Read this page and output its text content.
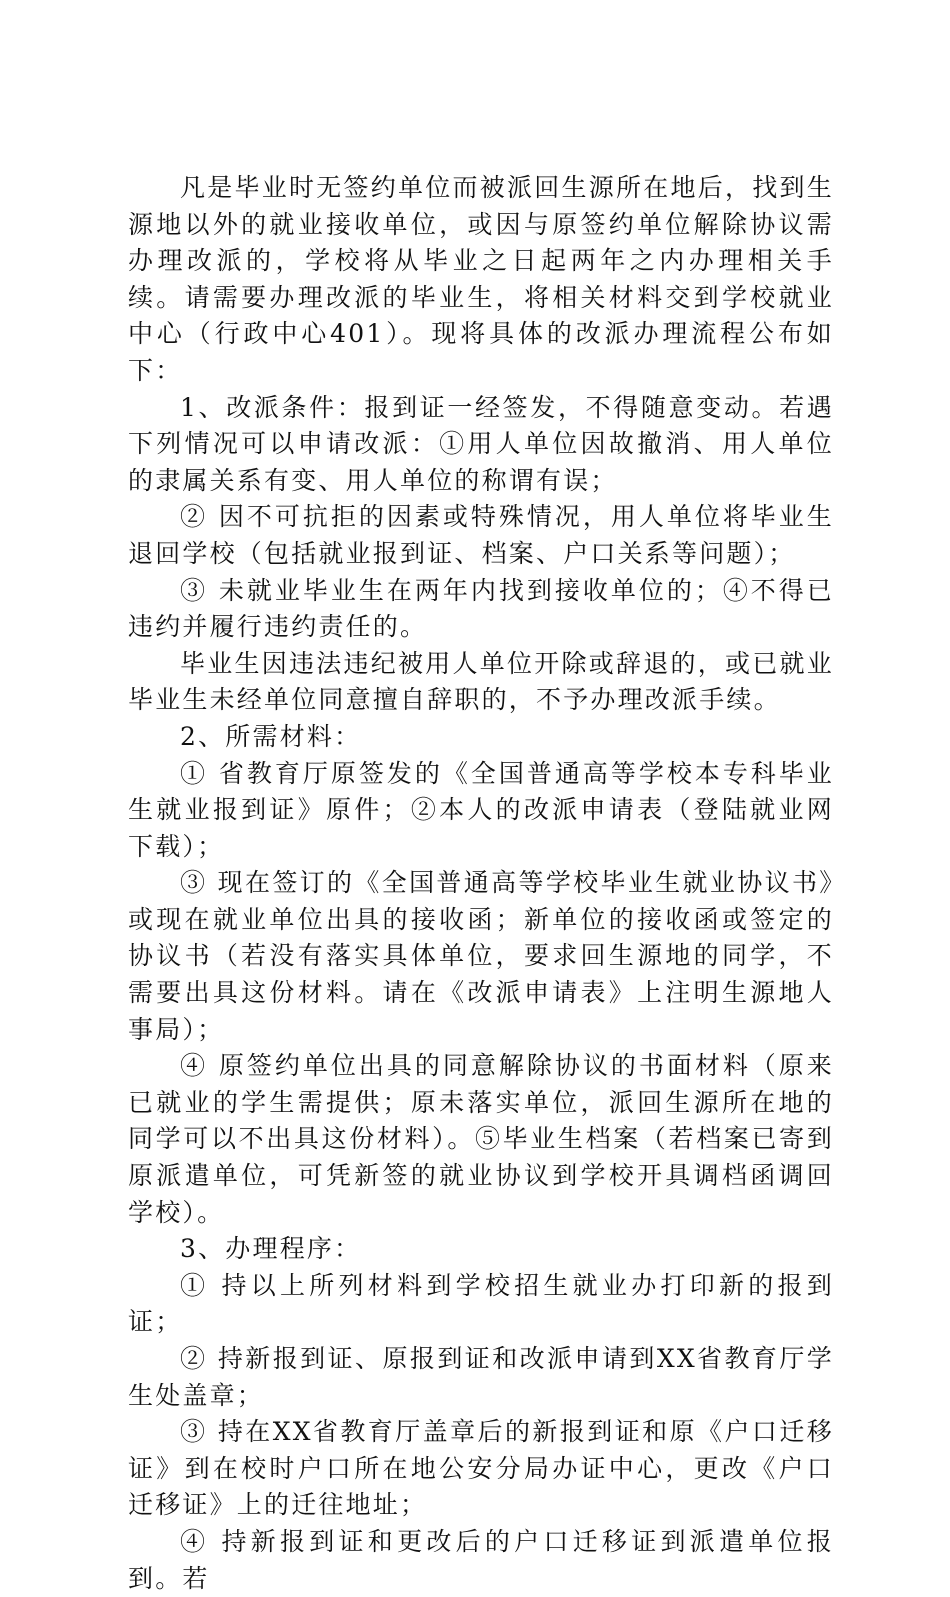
凡是毕业时无签约单位而被派回生源所在地后，找到生源地以外的就业接收单位，或因与原签约单位解除协议需办理改派的，学校将从毕业之日起两年之内办理相关手续。请需要办理改派的毕业生，将相关材料交到学校就业中心（行政中心401）。现将具体的改派办理流程公布如下：

1、改派条件：报到证一经签发，不得随意变动。若遇下列情况可以申请改派：①用人单位因故撤消、用人单位的隶属关系有变、用人单位的称谓有误；

② 因不可抗拒的因素或特殊情况，用人单位将毕业生退回学校（包括就业报到证、档案、户口关系等问题）；

③ 未就业毕业生在两年内找到接收单位的；④不得已违约并履行违约责任的。

毕业生因违法违纪被用人单位开除或辞退的，或已就业毕业生未经单位同意擅自辞职的，不予办理改派手续。

2、所需材料：

① 省教育厅原签发的《全国普通高等学校本专科毕业生就业报到证》原件；②本人的改派申请表（登陆就业网下载）；

③ 现在签订的《全国普通高等学校毕业生就业协议书》或现在就业单位出具的接收函；新单位的接收函或签定的协议书（若没有落实具体单位，要求回生源地的同学，不需要出具这份材料。请在《改派申请表》上注明生源地人事局）；

④ 原签约单位出具的同意解除协议的书面材料（原来已就业的学生需提供；原未落实单位，派回生源所在地的同学可以不出具这份材料）。⑤毕业生档案（若档案已寄到原派遣单位，可凭新签的就业协议到学校开具调档函调回学校）。

3、办理程序：

① 持以上所列材料到学校招生就业办打印新的报到证；

② 持新报到证、原报到证和改派申请到XX省教育厅学生处盖章；

③ 持在XX省教育厅盖章后的新报到证和原《户口迁移证》到在校时户口所在地公安分局办证中心，更改《户口迁移证》上的迁往地址；

④ 持新报到证和更改后的户口迁移证到派遣单位报到。若
